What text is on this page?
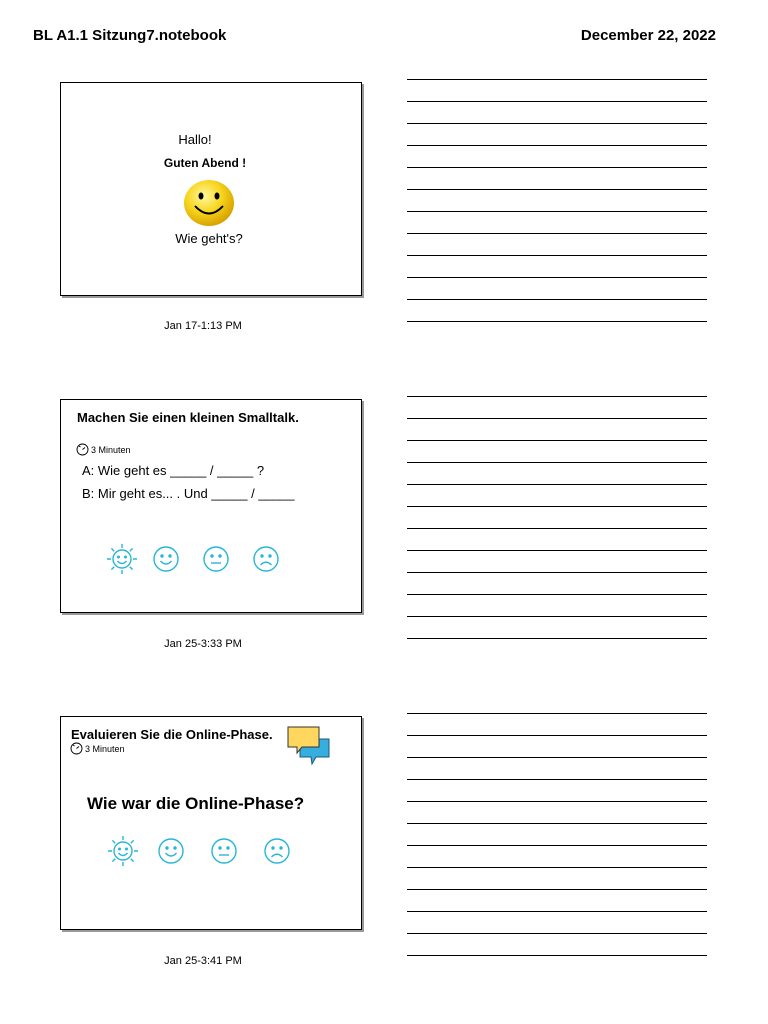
BL A1.1 Sitzung7.notebook	December 22, 2022
Hallo!
Guten Abend !
Wie geht's?
Jan 17-1:13 PM
Machen Sie einen kleinen Smalltalk.
3 Minuten
A: Wie geht es _____ / _____ ?
B: Mir geht es... . Und _____ / _____
Jan 25-3:33 PM
Evaluieren Sie die Online-Phase.
3 Minuten
Wie war die Online-Phase?
Jan 25-3:41 PM
